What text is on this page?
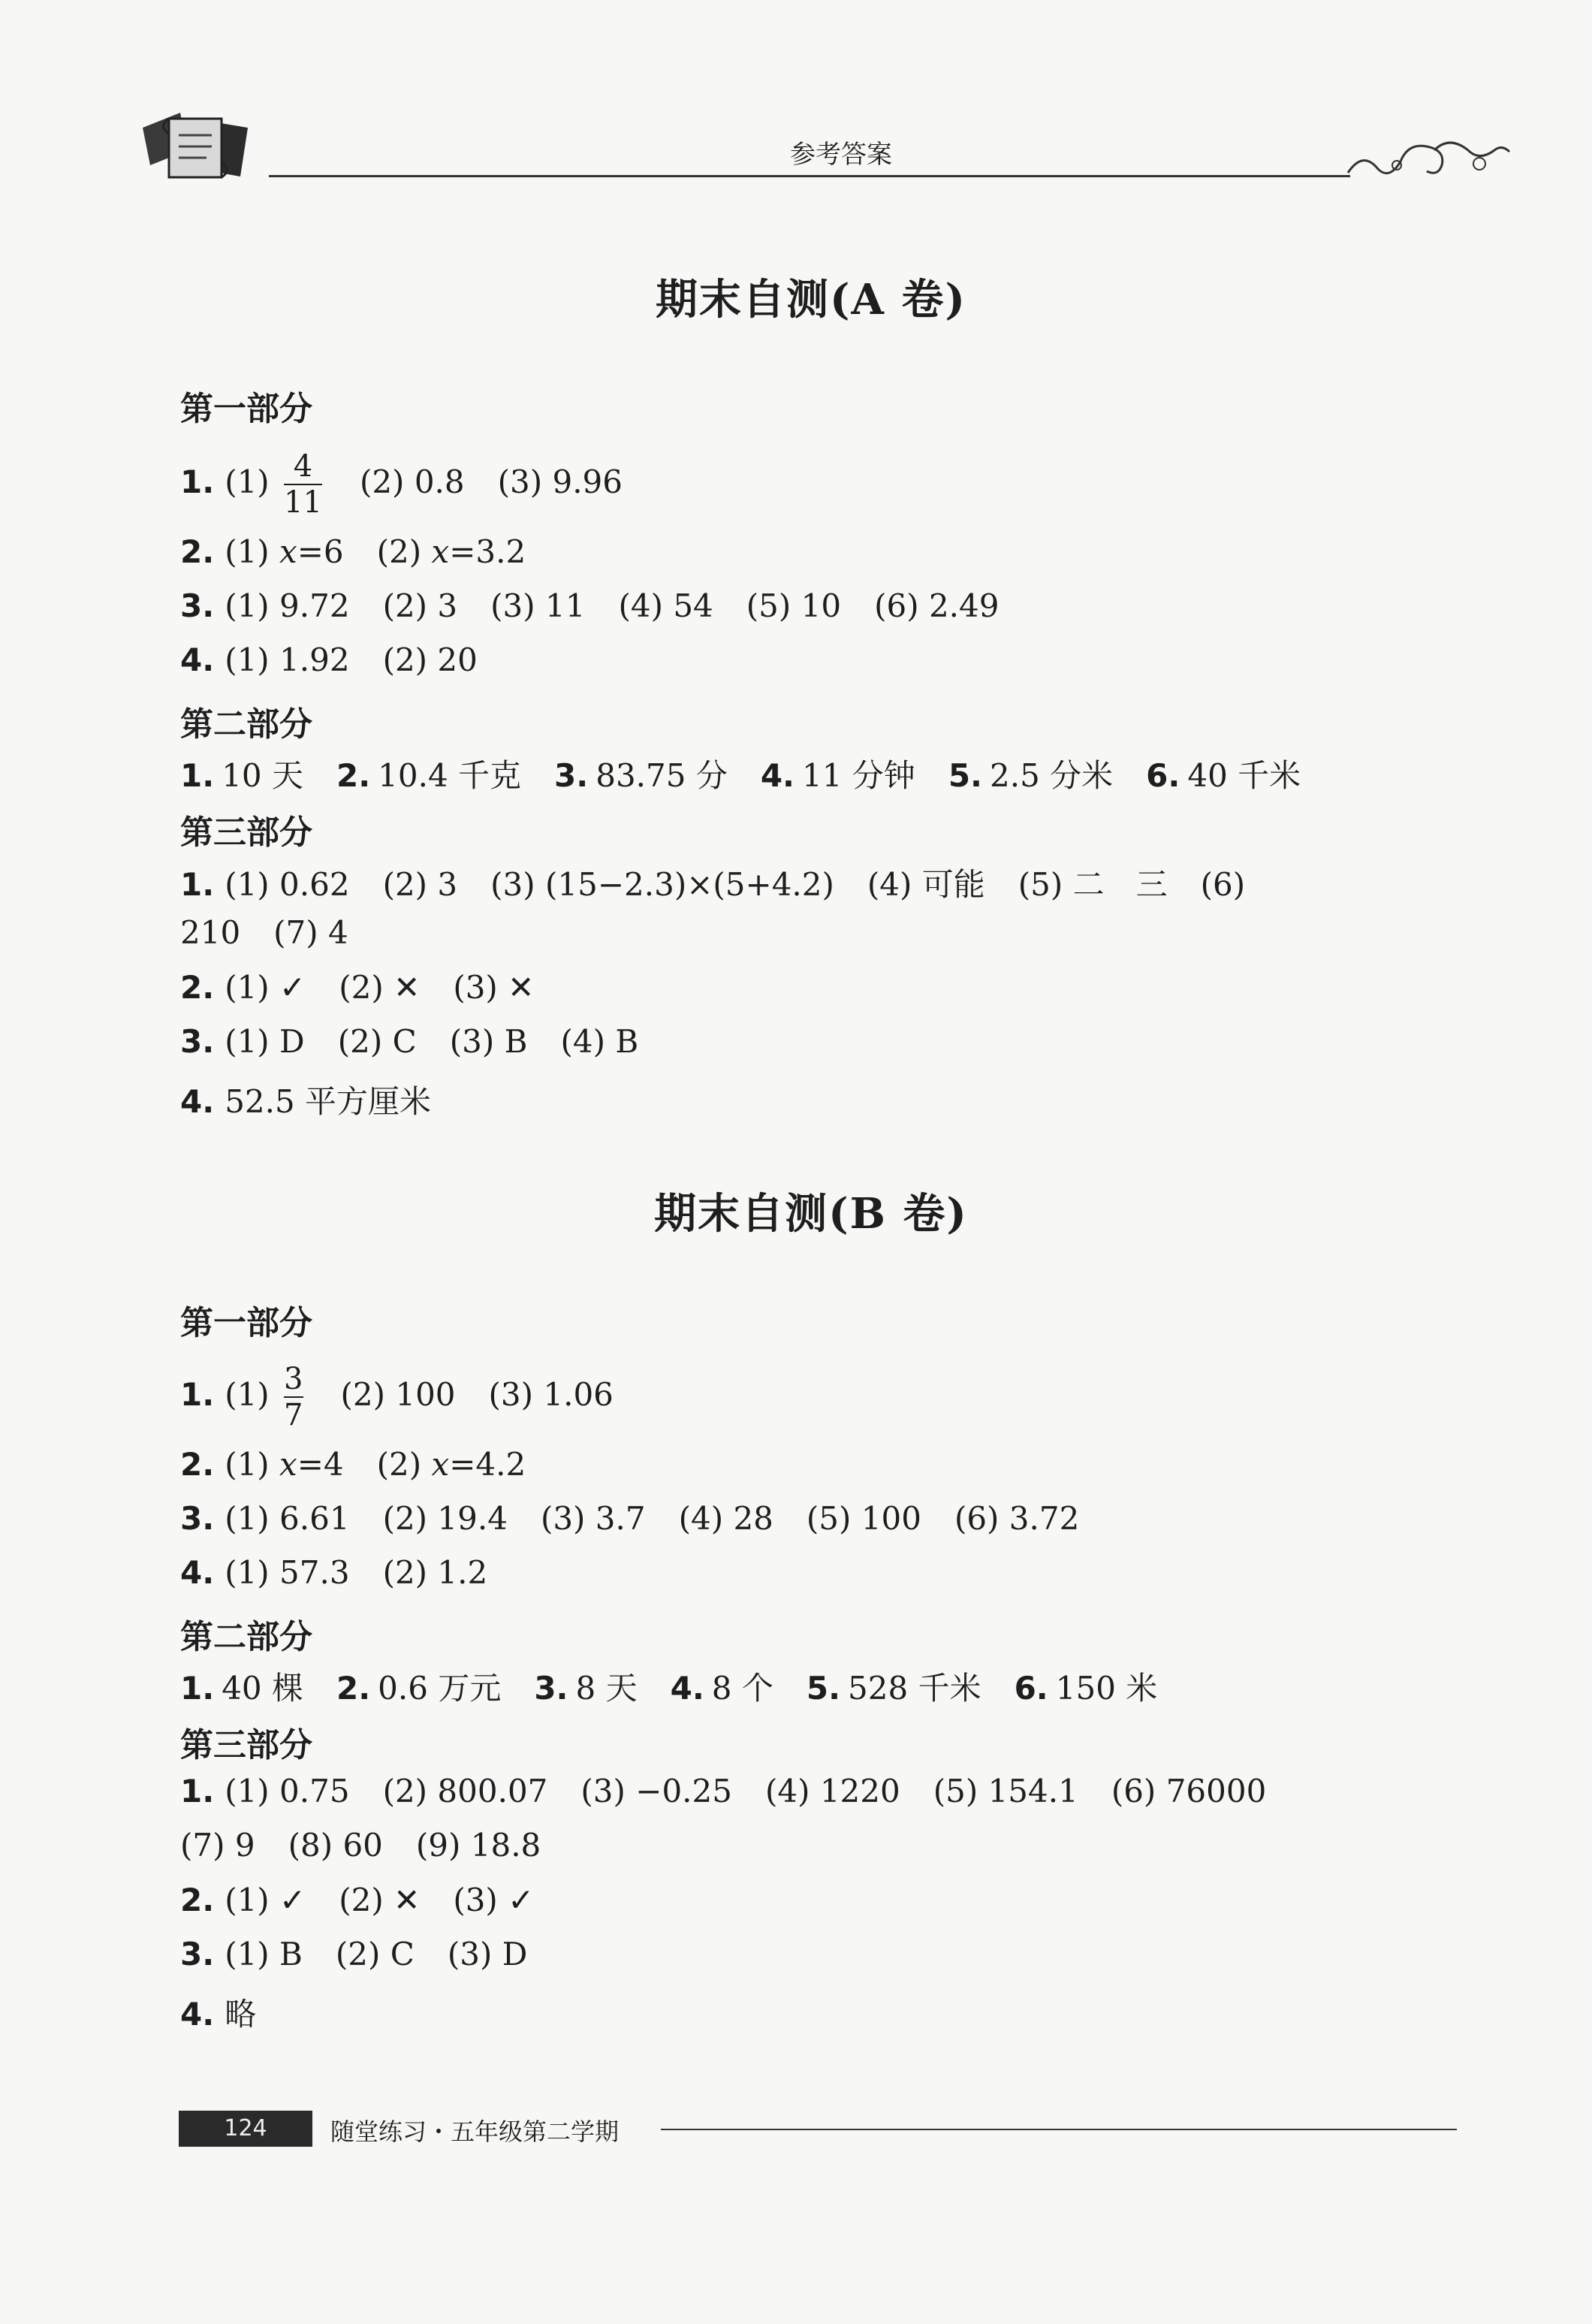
参考答案
期末自测(A 卷)
第一部分
1. $(1) \frac{4}{11} (2)$ 0.8 (3) 9.96
2. (1) x=6 (2) x=3.2
3. (1) 9.72 (2) 3 (3) 11 (4) 54 (5) 10 (6) 2.49
4. (1) 1.92 (2) 20
第二部分
1. 10 天 2. 10.4 千克 3. 83.75 分 4. 11 分钟 5. 2.5 分米 6. 40 千米
第三部分
1. (1) 0.62 (2) 3 (3) (15−2.3)×(5+4.2) (4) 可能 (5) 二　三 (6)
210 (7) 4
2. (1) ✓ (2) ✕ (3) ✕
3. (1) D (2) C (3) B (4) B
4. 52.5 平方厘米
期末自测(B 卷)
第一部分
1. $(1) \frac{3}{7} (2)$ 100 (3) 1.06
2. (1) x=4 (2) x=4.2
3. (1) 6.61 (2) 19.4 (3) 3.7 (4) 28 (5) 100 (6) 3.72
4. (1) 57.3 (2) 1.2
第二部分
1. 40 棵 2. 0.6 万元 3. 8 天 4. 8 个 5. 528 千米 6. 150 米
第三部分
1. (1) 0.75 (2) 800.07 (3) −0.25 (4) 1220 (5) 154.1 (6) 76000
(7) 9 (8) 60 (9) 18.8
2. (1) ✓ (2) ✕ (3) ✓
3. (1) B (2) C (3) D
4. 略
124	随堂练习・五年级第二学期
